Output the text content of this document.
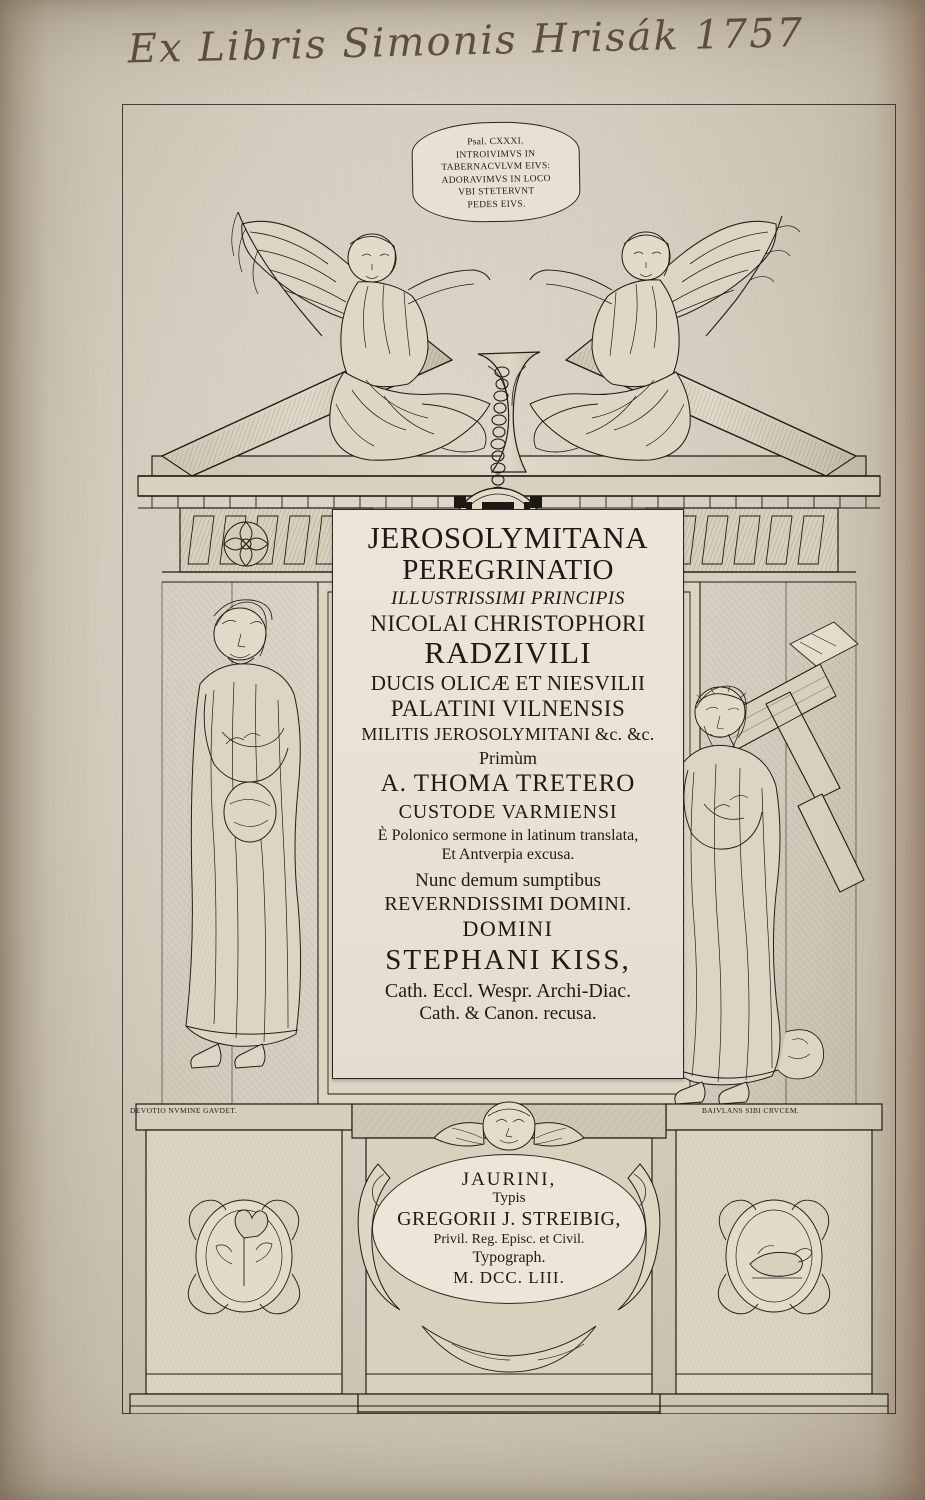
Ex Libris Simonis Hrisák 1757
Psal. CXXXI.
INTROIVIMVS IN
TABERNACVLVM EIVS:
ADORAVIMVS IN LOCO
VBI STETERVNT
PEDES EIVS.
JEROSOLYMITANA
PEREGRINATIO
ILLUSTRISSIMI PRINCIPIS
NICOLAI CHRISTOPHORI
RADZIVILI
DUCIS OLICÆ ET NIESVILII
PALATINI VILNENSIS
MILITIS JEROSOLYMITANI &c. &c.
Primùm
A. THOMA TRETERO
CUSTODE VARMIENSI
È Polonico sermone in latinum translata,
Et Antverpia excusa.
Nunc demum sumptibus
REVERNDISSIMI DOMINI.
DOMINI
STEPHANI KISS,
Cath. Eccl. Wespr. Archi-Diac.
Cath. & Canon. recusa.
JAURINI,
Typis
GREGORII J. STREIBIG,
Privil. Reg. Episc. et Civil.
Typograph.
M. DCC. LIII.
DEVOTIO NVMINE GAVDET.	BAIVLANS SIBI CRVCEM.
